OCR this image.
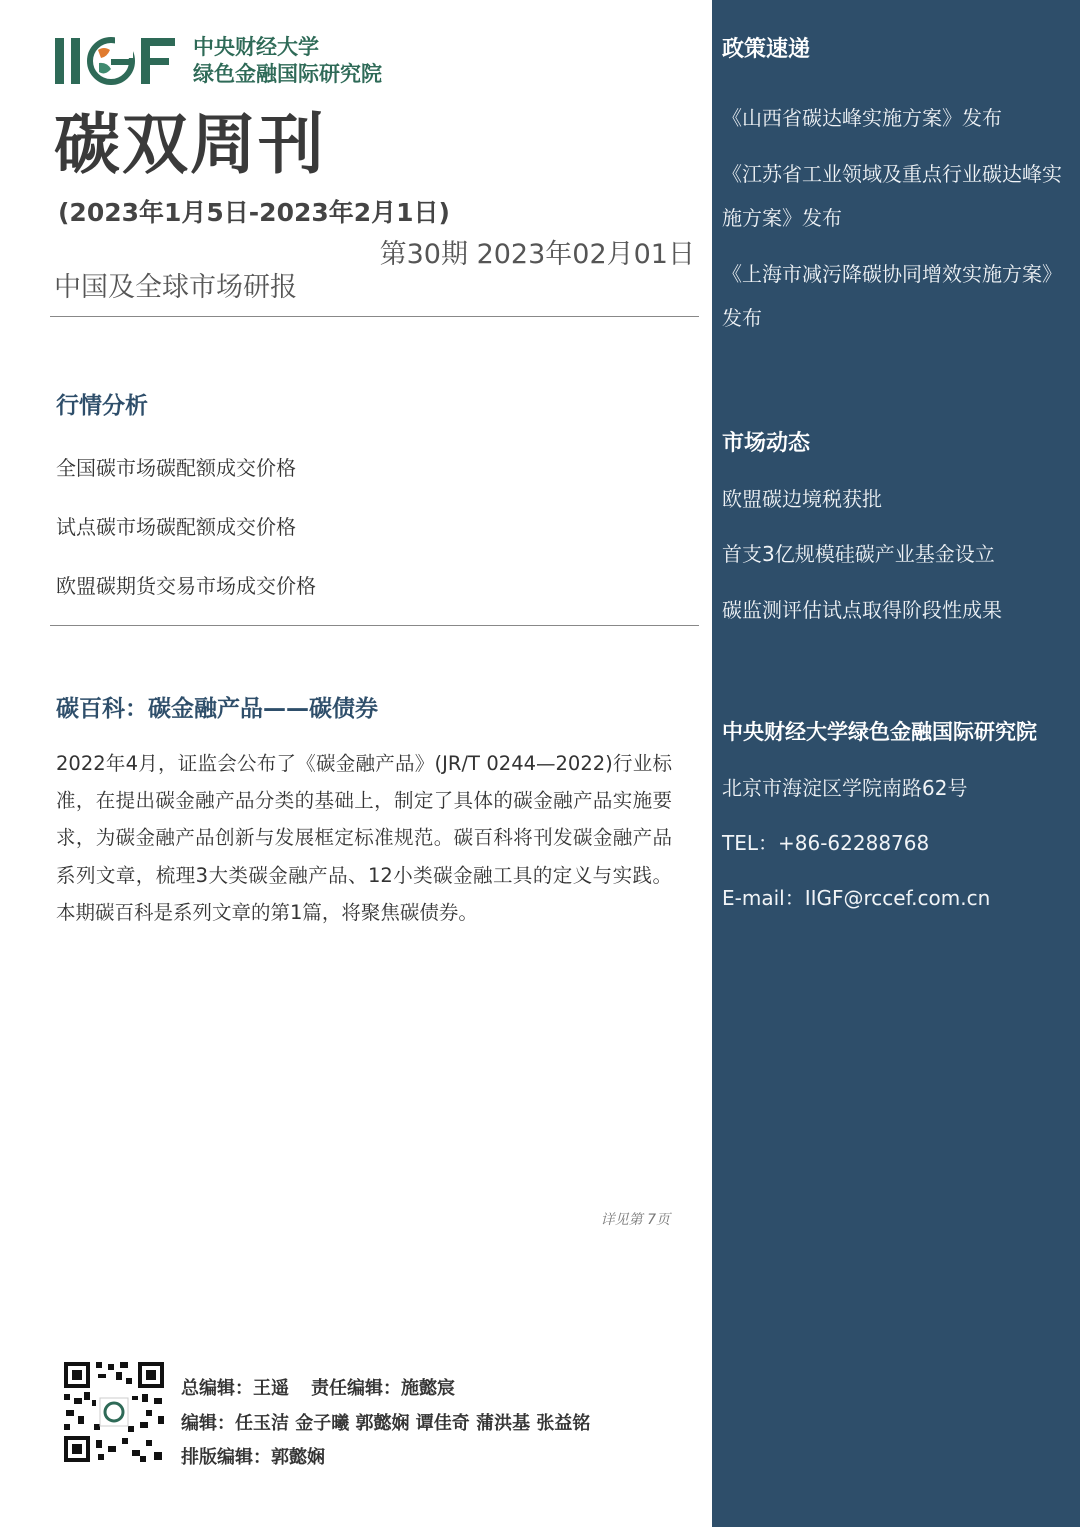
中央财经大学
绿色金融国际研究院
碳双周刊
(2023年1月5日-2023年2月1日)
第30期 2023年02月01日
中国及全球市场研报
行情分析
全国碳市场碳配额成交价格
试点碳市场碳配额成交价格
欧盟碳期货交易市场成交价格
碳百科：碳金融产品——碳债券
2022年4月，证监会公布了《碳金融产品》(JR/T 0244—2022)行业标准，在提出碳金融产品分类的基础上，制定了具体的碳金融产品实施要求，为碳金融产品创新与发展框定标准规范。碳百科将刊发碳金融产品系列文章，梳理3大类碳金融产品、12小类碳金融工具的定义与实践。本期碳百科是系列文章的第1篇，将聚焦碳债券。
详见第 7页
总编辑：王遥 责任编辑：施懿宸
编辑：任玉洁 金子曦 郭懿娴 谭佳奇 蒲洪基 张益铭
排版编辑：郭懿娴
政策速递
《山西省碳达峰实施方案》发布
《江苏省工业领域及重点行业碳达峰实施方案》发布
《上海市减污降碳协同增效实施方案》发布
市场动态
欧盟碳边境税获批
首支3亿规模硅碳产业基金设立
碳监测评估试点取得阶段性成果
中央财经大学绿色金融国际研究院
北京市海淀区学院南路62号
TEL：+86-62288768
E-mail：IIGF@rccef.com.cn
